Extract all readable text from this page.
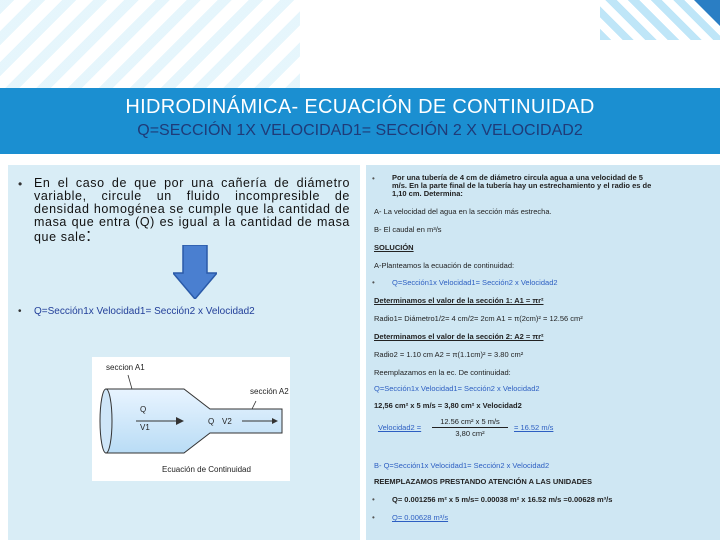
HIDRODINÁMICA- ECUACIÓN DE CONTINUIDAD
Q=SECCIÓN 1X VELOCIDAD1= SECCIÓN 2 X VELOCIDAD2
• En el caso de que por una cañería de diámetro variable, circule un fluido incompresible de densidad homogénea se cumple que la cantidad de masa que entra (Q) es igual a la cantidad de masa que sale:
• Q=Sección1x Velocidad1= Sección2 x Velocidad2
seccion A1
sección A2
Q
V1
Q V2
Ecuación de Continuidad
• Por una tubería de 4 cm de diámetro circula agua a una velocidad de 5
m/s. En la parte final de la tubería hay un estrechamiento y el radio es de
1,10 cm. Determina:
A- La velocidad del agua en la sección más estrecha.
B- El caudal en m³/s
SOLUCIÓN
A-Planteamos la ecuación de continuidad:
• Q=Sección1x Velocidad1= Sección2 x Velocidad2
Determinamos el valor de la sección 1: A1 = πr²
Radio1= Diámetro1/2= 4 cm/2= 2cm A1 = π(2cm)² = 12.56 cm²
Determinamos el valor de la sección 2: A2 = πr²
Radio2 = 1.10 cm A2 = π(1.1cm)² = 3.80 cm²
Reemplazamos en la ec. De continuidad:
Q=Sección1x Velocidad1= Sección2 x Velocidad2
12,56 cm² x 5 m/s = 3,80 cm² x Velocidad2
Velocidad2 =
12.56 cm² x 5 m/s
3,80 cm²
= 16.52 m/s
B- Q=Sección1x Velocidad1= Sección2 x Velocidad2
REEMPLAZAMOS PRESTANDO ATENCIÓN A LAS UNIDADES
• Q= 0.001256 m² x 5 m/s= 0.00038 m² x 16.52 m/s =0.00628 m³/s
• Q= 0.00628 m³/s
